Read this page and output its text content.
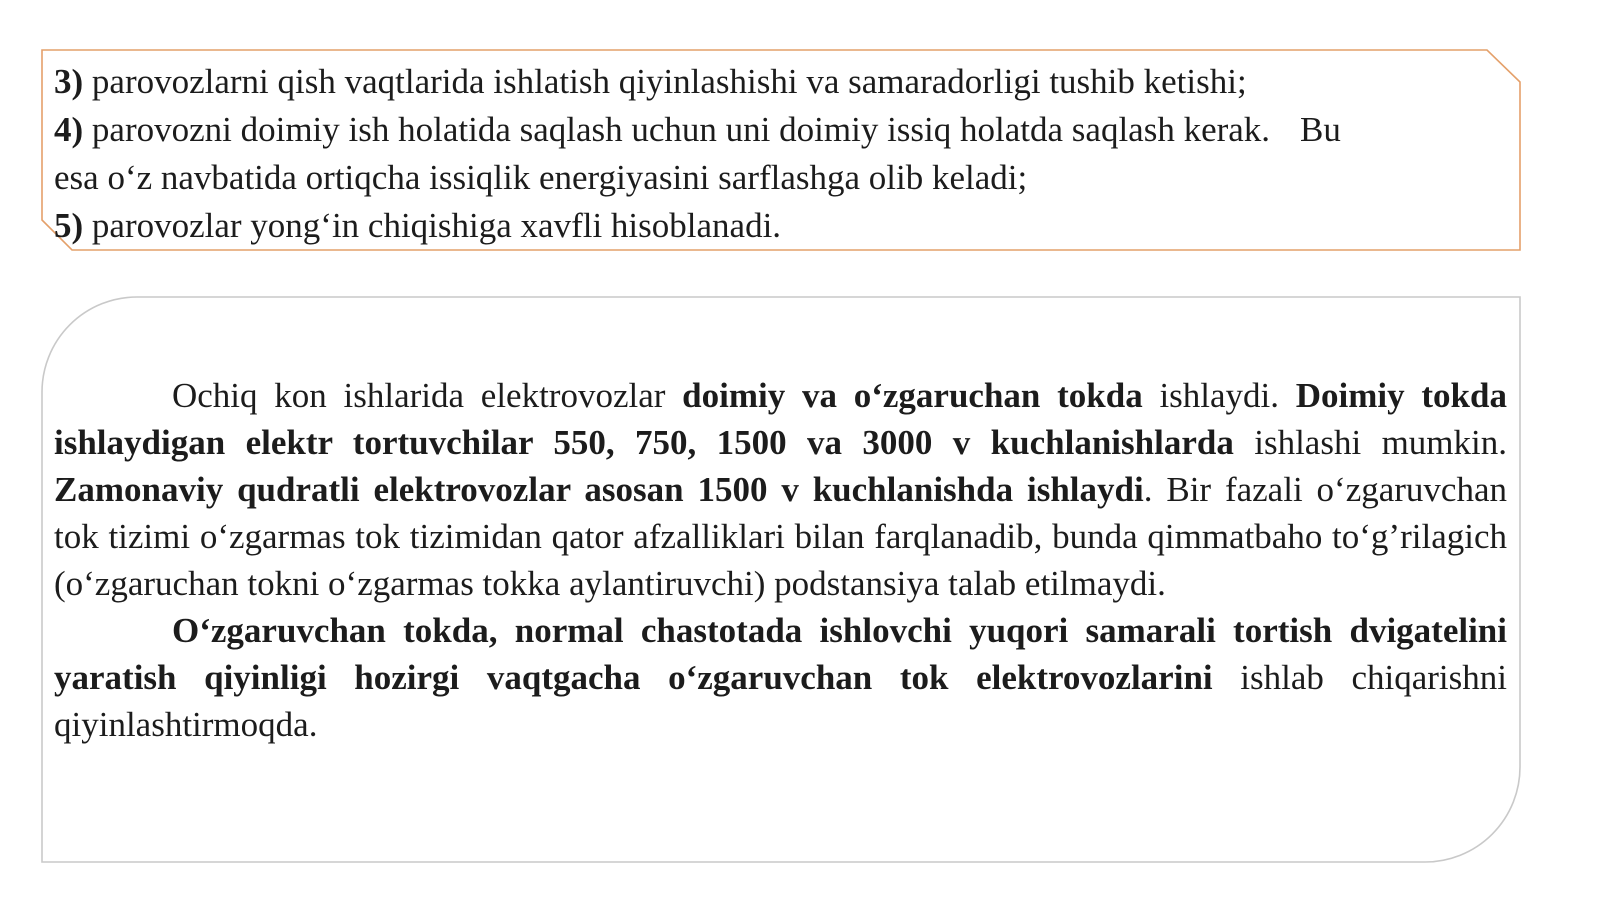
3) parovozlarni qish vaqtlarida ishlatish qiyinlashishi va samaradorligi tushib ketishi;
4) parovozni doimiy ish holatida saqlash uchun uni doimiy issiq holatda saqlash kerak. Bu
esa o‘z navbatida ortiqcha issiqlik energiyasini sarflashga olib keladi;
5) parovozlar yong‘in chiqishiga xavfli hisoblanadi.

Ochiq kon ishlarida elektrovozlar doimiy va o‘zgaruchan tokda ishlaydi. Doimiy tokda ishlaydigan elektr tortuvchilar 550, 750, 1500 va 3000 v kuchlanishlarda ishlashi mumkin. Zamonaviy qudratli elektrovozlar asosan 1500 v kuchlanishda ishlaydi. Bir fazali o‘zgaruvchan tok tizimi o‘zgarmas tok tizimidan qator afzalliklari bilan farqlanadib, bunda qimmatbaho to‘g’rilagich (o‘zgaruchan tokni o‘zgarmas tokka aylantiruvchi) podstansiya talab etilmaydi.

O‘zgaruvchan tokda, normal chastotada ishlovchi yuqori samarali tortish dvigatelini yaratish qiyinligi hozirgi vaqtgacha o‘zgaruvchan tok elektrovozlarini ishlab chiqarishni qiyinlashtirmoqda.
